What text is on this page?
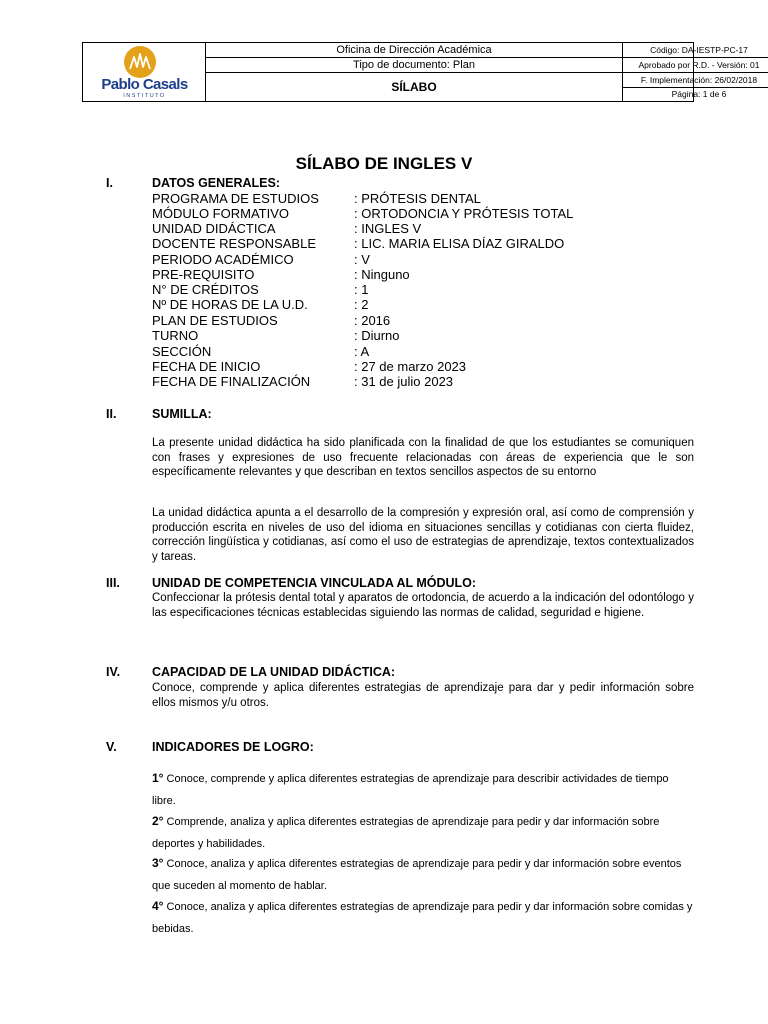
Pablo Casals
INSTITUTO
Oficina de Dirección Académica
Tipo de documento: Plan
SÍLABO
Código: DA-IESTP-PC-17
Aprobado por R.D. - Versión: 01
F. Implementación: 26/02/2018
Página: 1 de 6
SÍLABO DE INGLES V
I.	DATOS GENERALES:
PROGRAMA DE ESTUDIOS	: PRÓTESIS DENTAL
MÓDULO FORMATIVO	: ORTODONCIA Y PRÓTESIS TOTAL
UNIDAD DIDÁCTICA	: INGLES V
DOCENTE RESPONSABLE	: LIC. MARIA ELISA DÍAZ GIRALDO
PERIODO ACADÉMICO	: V
PRE-REQUISITO	: Ninguno
N° DE CRÉDITOS	: 1
Nº DE HORAS DE LA U.D.	: 2
PLAN DE ESTUDIOS	: 2016
TURNO	: Diurno
SECCIÓN	: A
FECHA DE INICIO	: 27 de marzo 2023
FECHA DE FINALIZACIÓN	: 31 de julio 2023
II.	SUMILLA:
La presente unidad didáctica ha sido planificada con la finalidad de que los estudiantes se comuniquen con frases y expresiones de uso frecuente relacionadas con áreas de experiencia que le son específicamente relevantes y que describan en textos sencillos aspectos de su entorno
La unidad didáctica apunta a el desarrollo de la compresión y expresión oral, así como de comprensión y producción escrita en niveles de uso del idioma en situaciones sencillas y cotidianas con cierta fluidez, corrección lingüística y cotidianas, así como el uso de estrategias de aprendizaje, textos contextualizados y tareas.
III.	UNIDAD DE COMPETENCIA VINCULADA AL MÓDULO:
Confeccionar la prótesis dental total y aparatos de ortodoncia, de acuerdo a la indicación del odontólogo y las especificaciones técnicas establecidas siguiendo las normas de calidad, seguridad e higiene.
IV.	CAPACIDAD DE LA UNIDAD DIDÁCTICA:
Conoce, comprende y aplica diferentes estrategias de aprendizaje para dar y pedir información sobre ellos mismos y/u otros.
V.	INDICADORES DE LOGRO:
1° Conoce, comprende y aplica diferentes estrategias de aprendizaje para describir actividades de tiempo libre.
2° Comprende, analiza y aplica diferentes estrategias de aprendizaje para pedir y dar información sobre deportes y habilidades.
3° Conoce, analiza y aplica diferentes estrategias de aprendizaje para pedir y dar información sobre eventos que suceden al momento de hablar.
4° Conoce, analiza y aplica diferentes estrategias de aprendizaje para pedir y dar información sobre comidas y bebidas.
